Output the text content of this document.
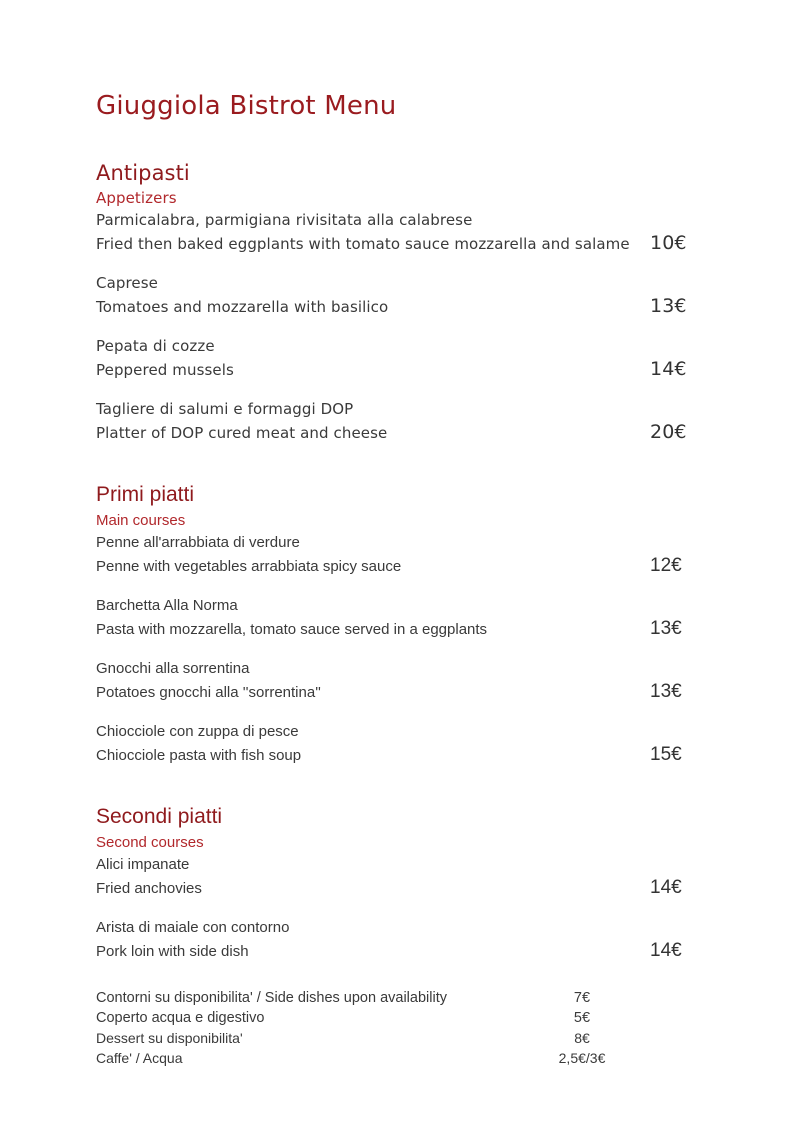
Giuggiola Bistrot Menu
Antipasti
Appetizers
Parmicalabra, parmigiana rivisitata alla calabrese
Fried then baked eggplants with tomato sauce mozzarella and salame 10€
Caprese
Tomatoes and mozzarella with basilico	13€
Pepata di cozze
Peppered mussels	14€
Tagliere di salumi e formaggi DOP
Platter of DOP cured meat and cheese	20€
Primi piatti
Main courses
Penne all'arrabbiata di verdure
Penne with vegetables arrabbiata spicy sauce	12€
Barchetta Alla Norma
Pasta with mozzarella, tomato sauce served in a eggplants	13€
Gnocchi alla sorrentina
Potatoes gnocchi alla ''sorrentina''	13€
Chiocciole con zuppa di pesce
Chiocciole pasta with fish soup	15€
Secondi piatti
Second courses
Alici impanate
Fried anchovies	14€
Arista di maiale con contorno
Pork loin with side dish	14€
Contorni su disponibilita' / Side dishes upon availability	7€
Coperto acqua e digestivo	5€
Dessert su disponibilita'	8€
Caffe' / Acqua	2,5€/3€
